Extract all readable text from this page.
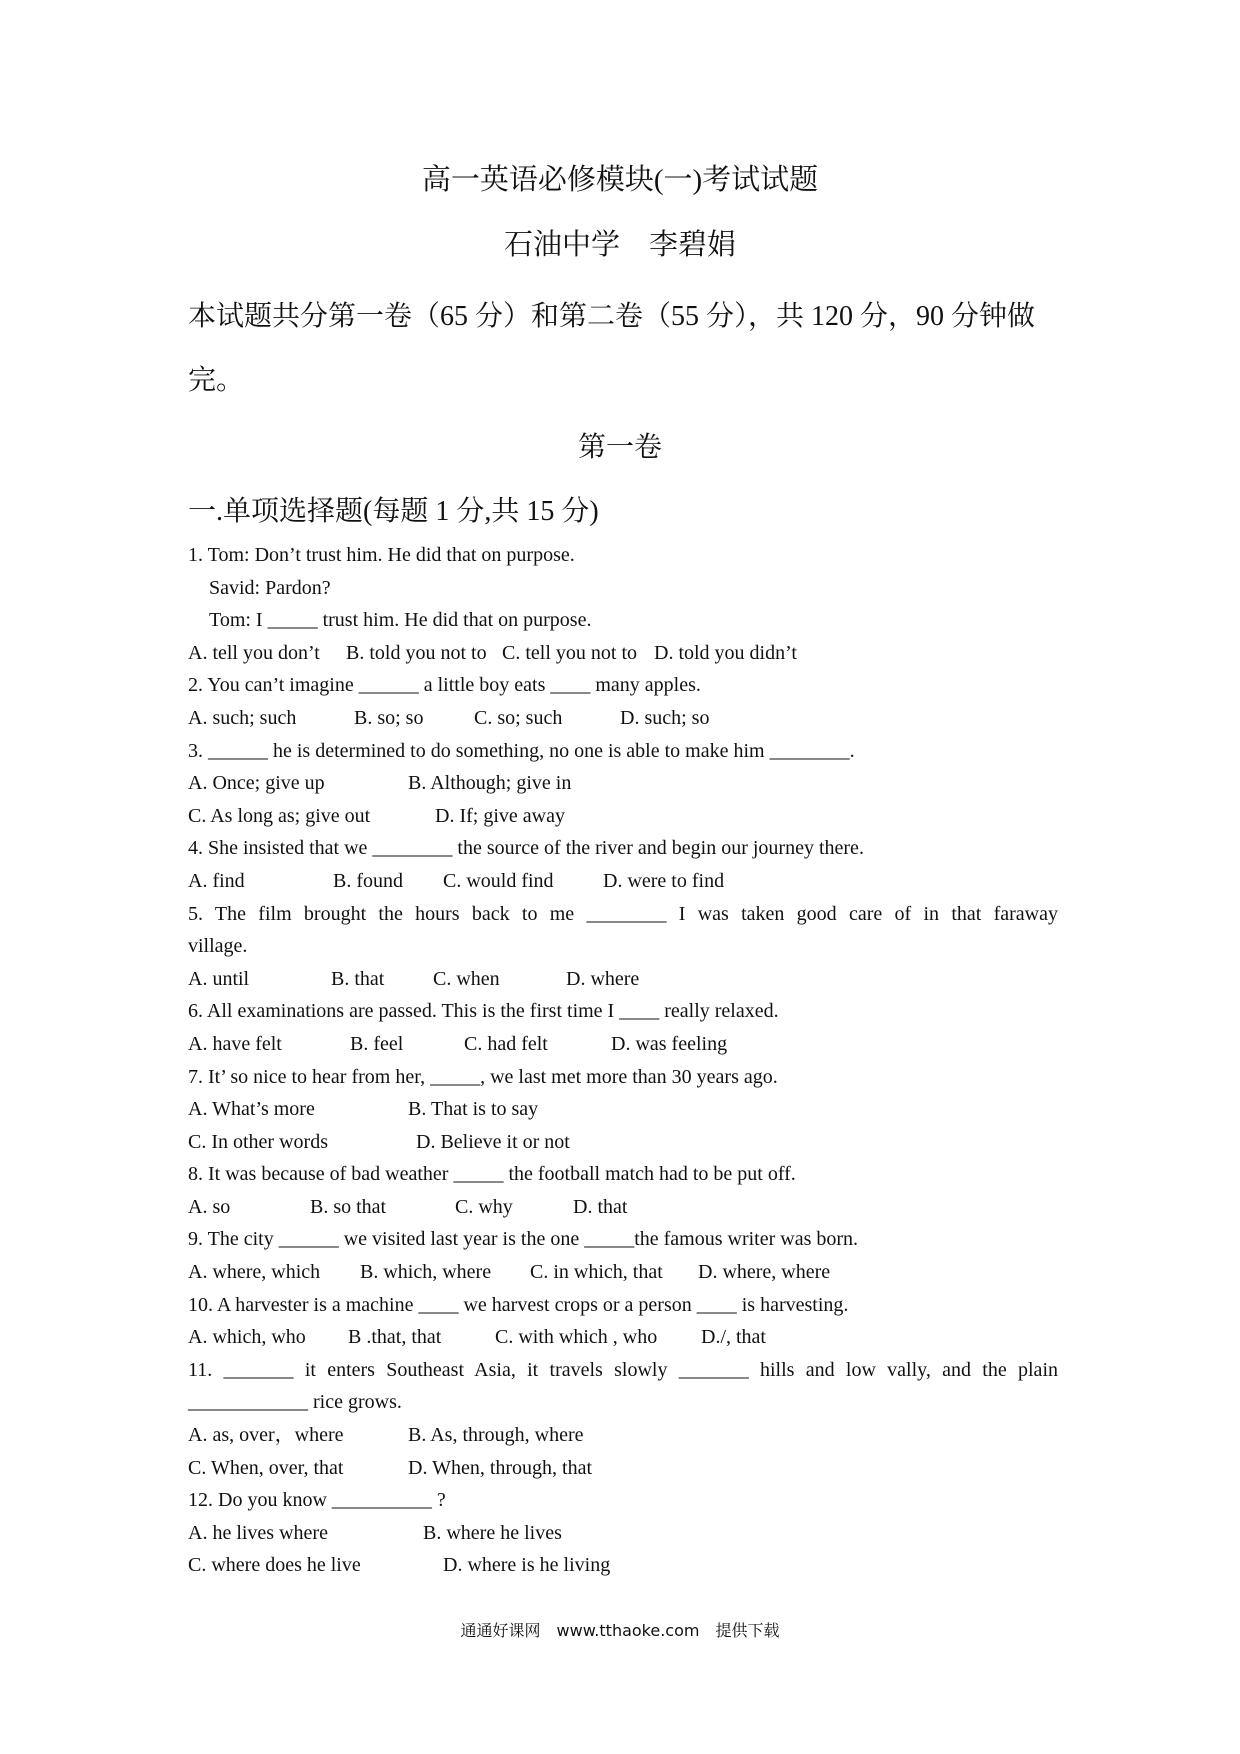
高一英语必修模块(一)考试试题
石油中学　李碧娟
本试题共分第一卷（65 分）和第二卷（55 分），共 120 分，90 分钟做完。
第一卷
一.单项选择题(每题 1 分,共 15 分)
1. Tom: Don’t trust him. He did that on purpose.
Savid: Pardon?
Tom: I _____ trust him. He did that on purpose.
A. tell you don’t B. told you not to C. tell you not to D. told you didn’t
2. You can’t imagine ______ a little boy eats ____ many apples.
A. such; such	B. so; so	C. so; such	D. such; so
3. ______ he is determined to do something, no one is able to make him ________.
A. Once; give up	B. Although; give in
C. As long as; give out	D. If; give away
4. She insisted that we ________ the source of the river and begin our journey there.
A. find	B. found C. would find D. were to find
5. The film brought the hours back to me ________ I was taken good care of in that faraway
village.
A. until	B. that C. when	D. where
6. All examinations are passed. This is the first time I ____ really relaxed.
A. have felt	B. feel	C. had felt	D. was feeling
7. It’ so nice to hear from her, _____, we last met more than 30 years ago.
A. What’s more	B. That is to say
C. In other words	D. Believe it or not
8. It was because of bad weather _____ the football match had to be put off.
A. so	B. so that	C. why	D. that
9. The city ______ we visited last year is the one _____the famous writer was born.
A. where, which B. which, where C. in which, that D. where, where
10. A harvester is a machine ____ we harvest crops or a person ____ is harvesting.
A. which, who B .that, that	C. with which , who D./, that
11. _______ it enters Southeast Asia, it travels slowly _______ hills and low vally, and the plain
____________ rice grows.
A. as, over，where	B. As, through, where
C. When, over, that	D. When, through, that
12. Do you know __________ ?
A. he lives where	B. where he lives
C. where does he live	D. where is he living
通通好课网　www.tthaoke.com　提供下载
